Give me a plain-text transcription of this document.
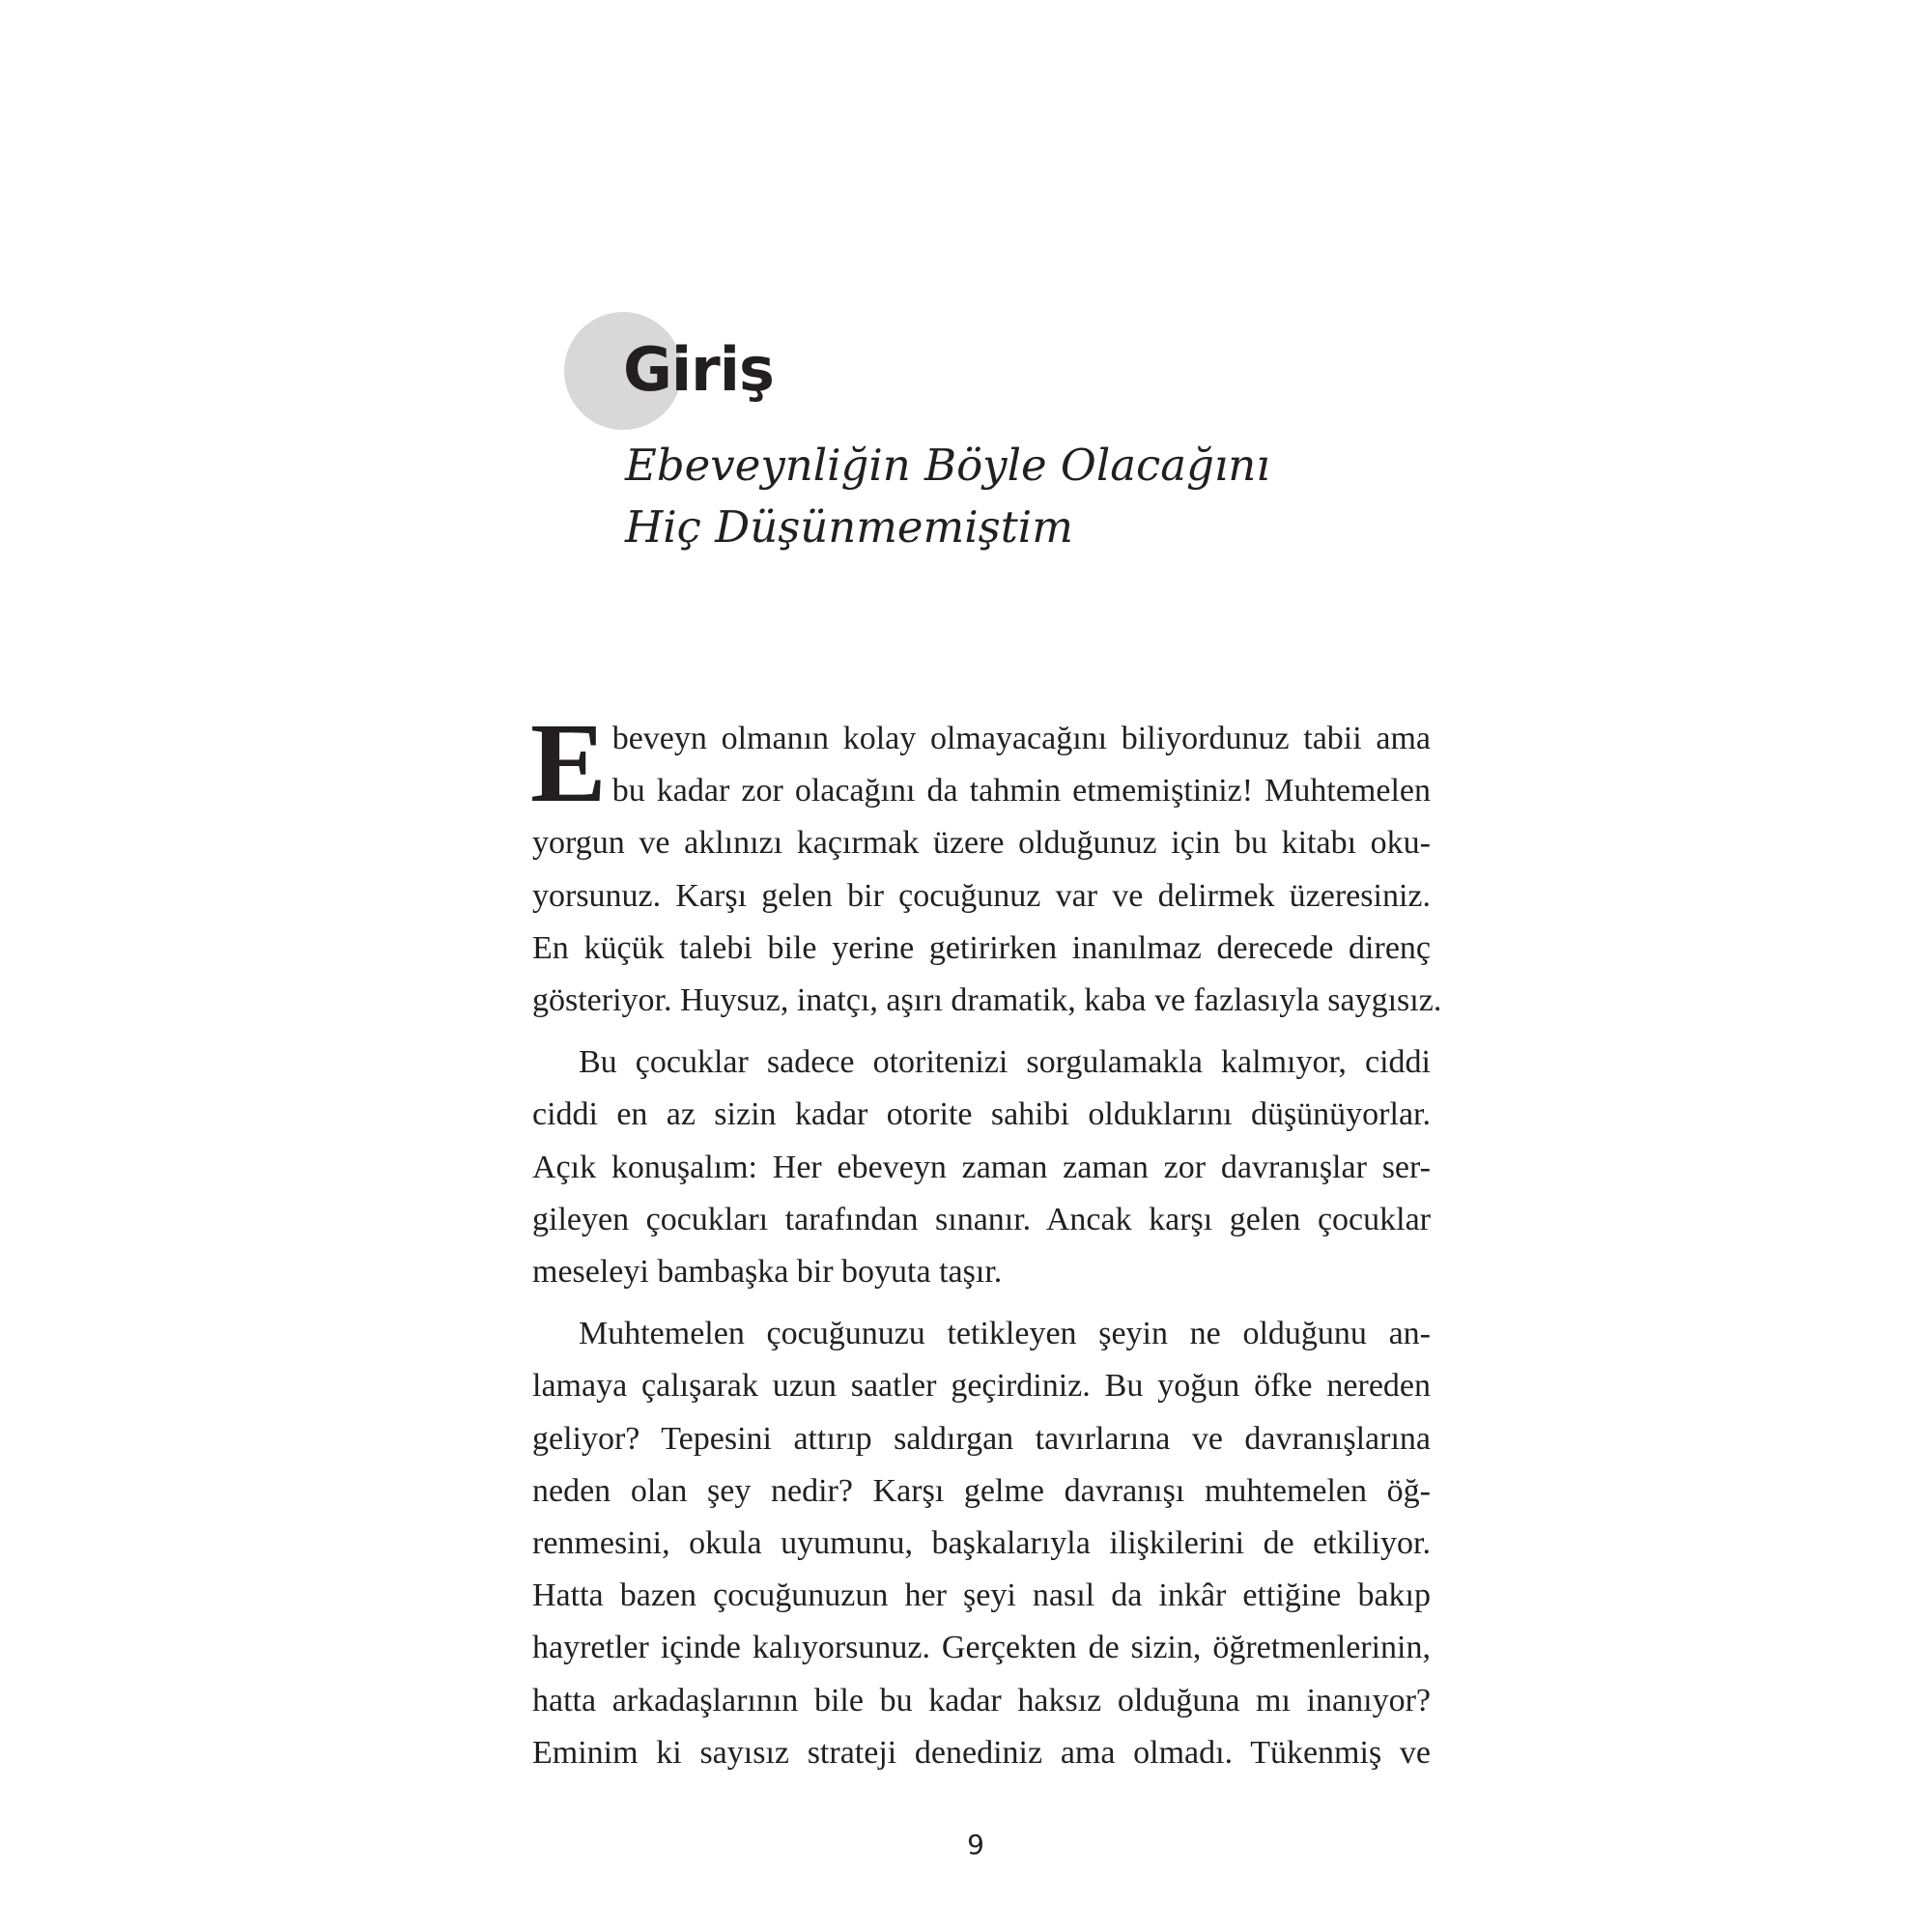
Giriş
Ebeveynliğin Böyle Olacağını
Hiç Düşünmemiştim

E beveyn olmanın kolay olmayacağını biliyordunuz tabii ama
bu kadar zor olacağını da tahmin etmemiştiniz! Muhtemelen
yorgun ve aklınızı kaçırmak üzere olduğunuz için bu kitabı oku-
yorsunuz. Karşı gelen bir çocuğunuz var ve delirmek üzeresiniz.
En küçük talebi bile yerine getirirken inanılmaz derecede direnç
gösteriyor. Huysuz, inatçı, aşırı dramatik, kaba ve fazlasıyla saygısız.

Bu çocuklar sadece otoritenizi sorgulamakla kalmıyor, ciddi
ciddi en az sizin kadar otorite sahibi olduklarını düşünüyorlar.
Açık konuşalım: Her ebeveyn zaman zaman zor davranışlar ser-
gileyen çocukları tarafından sınanır. Ancak karşı gelen çocuklar
meseleyi bambaşka bir boyuta taşır.

Muhtemelen çocuğunuzu tetikleyen şeyin ne olduğunu an-
lamaya çalışarak uzun saatler geçirdiniz. Bu yoğun öfke nereden
geliyor? Tepesini attırıp saldırgan tavırlarına ve davranışlarına
neden olan şey nedir? Karşı gelme davranışı muhtemelen öğ-
renmesini, okula uyumunu, başkalarıyla ilişkilerini de etkiliyor.
Hatta bazen çocuğunuzun her şeyi nasıl da inkâr ettiğine bakıp
hayretler içinde kalıyorsunuz. Gerçekten de sizin, öğretmenlerinin,
hatta arkadaşlarının bile bu kadar haksız olduğuna mı inanıyor?
Eminim ki sayısız strateji denediniz ama olmadı. Tükenmiş ve

9
